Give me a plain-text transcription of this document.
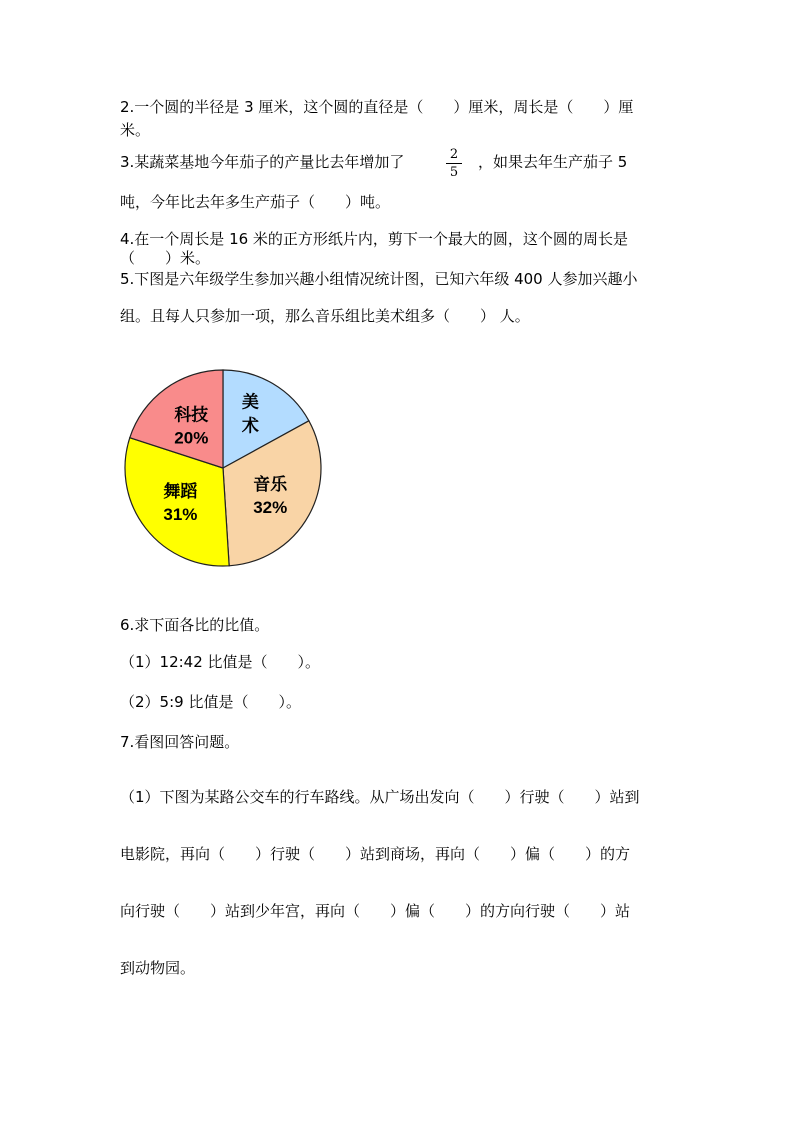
2.一个圆的半径是 3 厘米，这个圆的直径是（　　）厘米，周长是（　　）厘
米。
3.某蔬菜基地今年茄子的产量比去年增加了	2
5
，如果去年生产茄子 5
吨，今年比去年多生产茄子（　　）吨。
4.在一个周长是 16 米的正方形纸片内，剪下一个最大的圆，这个圆的周长是
（　　）米。
5.下图是六年级学生参加兴趣小组情况统计图，已知六年级 400 人参加兴趣小
组。且每人只参加一项，那么音乐组比美术组多（　　） 人。
美
术
音乐
32%
舞蹈
31%
科技
20%
6.求下面各比的比值。
（1）12:42 比值是（　　）。
（2）5:9 比值是（　　）。
7.看图回答问题。
（1）下图为某路公交车的行车路线。从广场出发向（　　）行驶（　　）站到
电影院，再向（　　）行驶（　　）站到商场，再向（　　）偏（　　）的方
向行驶（　　）站到少年宫，再向（　　）偏（　　）的方向行驶（　　）站
到动物园。
